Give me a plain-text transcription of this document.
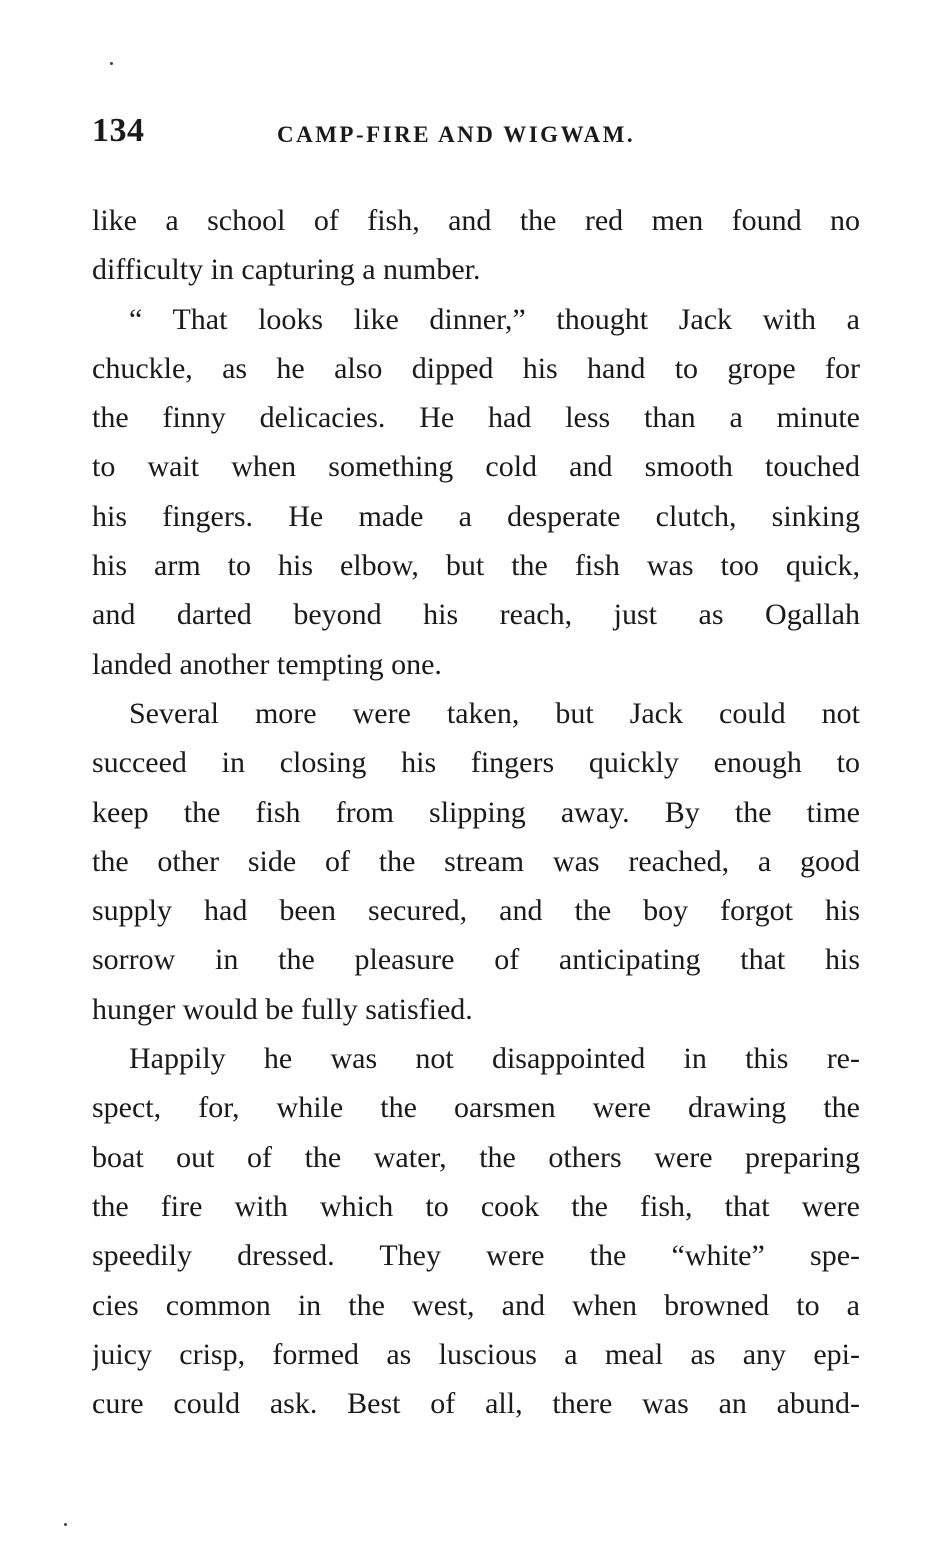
134	CAMP-FIRE AND WIGWAM.
like a school of fish, and the red men found no
difficulty in capturing a number.
“ That looks like dinner,” thought Jack with a
chuckle, as he also dipped his hand to grope for
the finny delicacies. He had less than a minute
to wait when something cold and smooth touched
his fingers. He made a desperate clutch, sinking
his arm to his elbow, but the fish was too quick,
and darted beyond his reach, just as Ogallah
landed another tempting one.
Several more were taken, but Jack could not
succeed in closing his fingers quickly enough to
keep the fish from slipping away. By the time
the other side of the stream was reached, a good
supply had been secured, and the boy forgot his
sorrow in the pleasure of anticipating that his
hunger would be fully satisfied.
Happily he was not disappointed in this re-
spect, for, while the oarsmen were drawing the
boat out of the water, the others were preparing
the fire with which to cook the fish, that were
speedily dressed. They were the “white” spe-
cies common in the west, and when browned to a
juicy crisp, formed as luscious a meal as any epi-
cure could ask. Best of all, there was an abund-
